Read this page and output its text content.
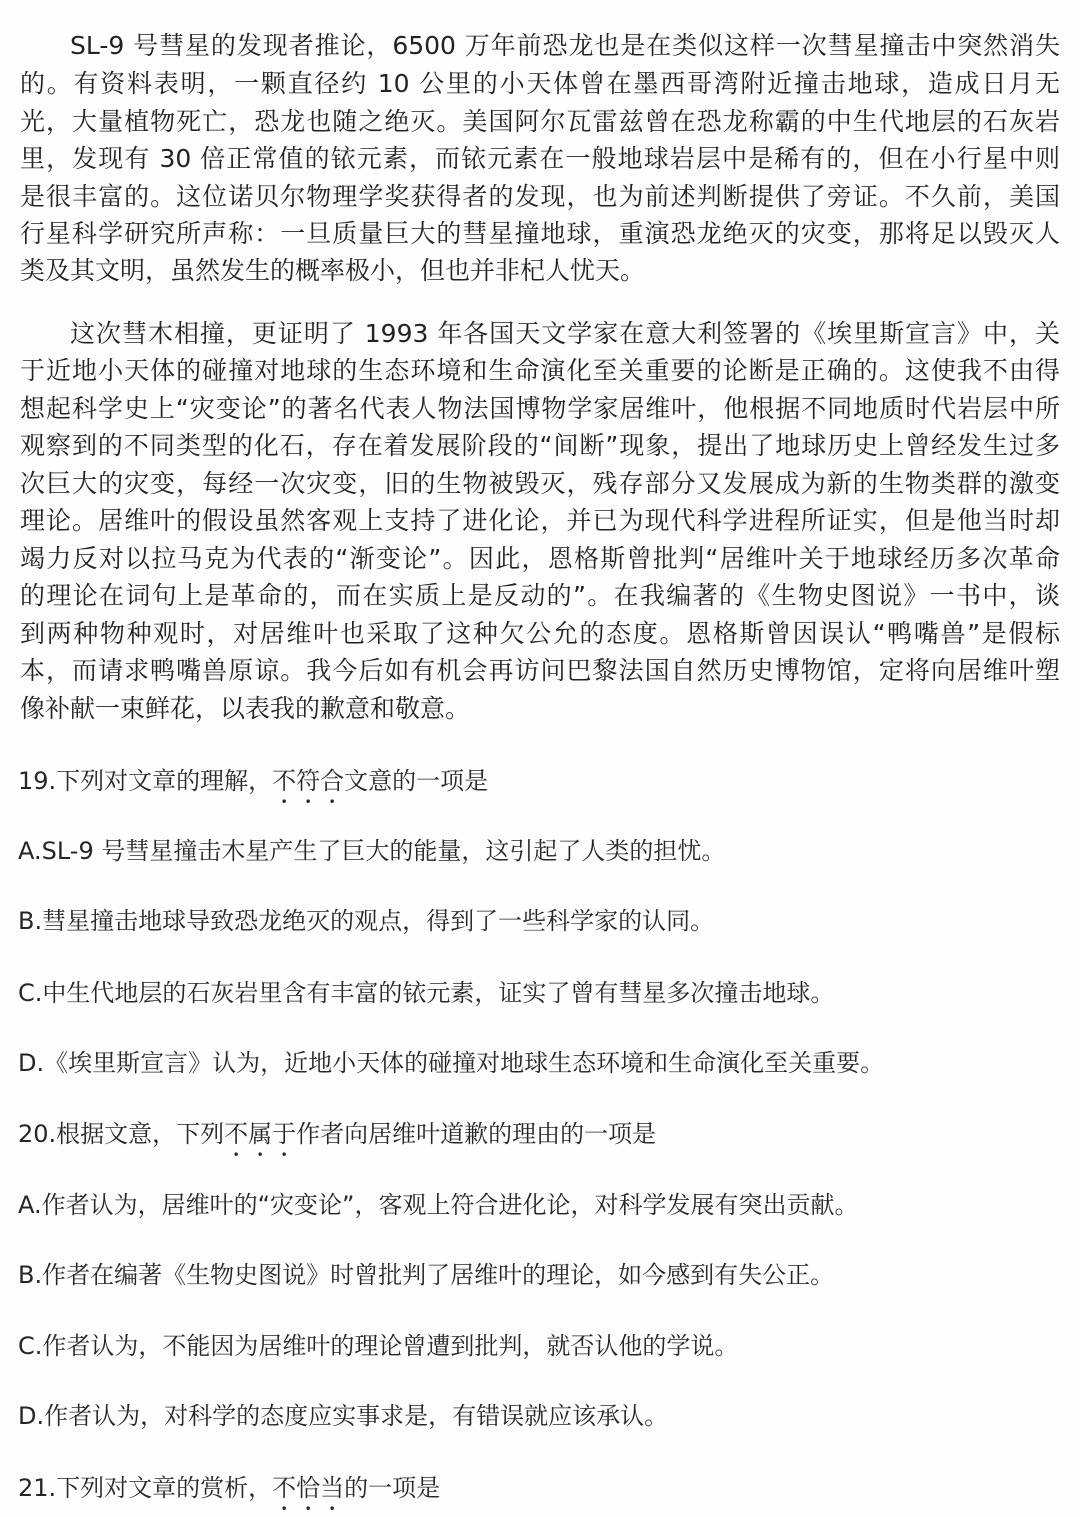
SL-9 号彗星的发现者推论，6500 万年前恐龙也是在类似这样一次彗星撞击中突然消失
的。有资料表明，一颗直径约 10 公里的小天体曾在墨西哥湾附近撞击地球，造成日月无
光，大量植物死亡，恐龙也随之绝灭。美国阿尔瓦雷兹曾在恐龙称霸的中生代地层的石灰岩
里，发现有 30 倍正常值的铱元素，而铱元素在一般地球岩层中是稀有的，但在小行星中则
是很丰富的。这位诺贝尔物理学奖获得者的发现，也为前述判断提供了旁证。不久前，美国
行星科学研究所声称：一旦质量巨大的彗星撞地球，重演恐龙绝灭的灾变，那将足以毁灭人
类及其文明，虽然发生的概率极小，但也并非杞人忧天。
这次彗木相撞，更证明了 1993 年各国天文学家在意大利签署的《埃里斯宣言》中，关
于近地小天体的碰撞对地球的生态环境和生命演化至关重要的论断是正确的。这使我不由得
想起科学史上“灾变论”的著名代表人物法国博物学家居维叶，他根据不同地质时代岩层中所
观察到的不同类型的化石，存在着发展阶段的“间断”现象，提出了地球历史上曾经发生过多
次巨大的灾变，每经一次灾变，旧的生物被毁灭，残存部分又发展成为新的生物类群的激变
理论。居维叶的假设虽然客观上支持了进化论，并已为现代科学进程所证实，但是他当时却
竭力反对以拉马克为代表的“渐变论”。因此，恩格斯曾批判“居维叶关于地球经历多次革命
的理论在词句上是革命的，而在实质上是反动的”。在我编著的《生物史图说》一书中，谈
到两种物种观时，对居维叶也采取了这种欠公允的态度。恩格斯曾因误认“鸭嘴兽”是假标
本，而请求鸭嘴兽原谅。我今后如有机会再访问巴黎法国自然历史博物馆，定将向居维叶塑
像补献一束鲜花，以表我的歉意和敬意。
19.下列对文章的理解，不符合文意的一项是
A.SL-9 号彗星撞击木星产生了巨大的能量，这引起了人类的担忧。
B.彗星撞击地球导致恐龙绝灭的观点，得到了一些科学家的认同。
C.中生代地层的石灰岩里含有丰富的铱元素，证实了曾有彗星多次撞击地球。
D.《埃里斯宣言》认为，近地小天体的碰撞对地球生态环境和生命演化至关重要。
20.根据文意，下列不属于作者向居维叶道歉的理由的一项是
A.作者认为，居维叶的“灾变论”，客观上符合进化论，对科学发展有突出贡献。
B.作者在编著《生物史图说》时曾批判了居维叶的理论，如今感到有失公正。
C.作者认为，不能因为居维叶的理论曾遭到批判，就否认他的学说。
D.作者认为，对科学的态度应实事求是，有错误就应该承认。
21.下列对文章的赏析，不恰当的一项是
